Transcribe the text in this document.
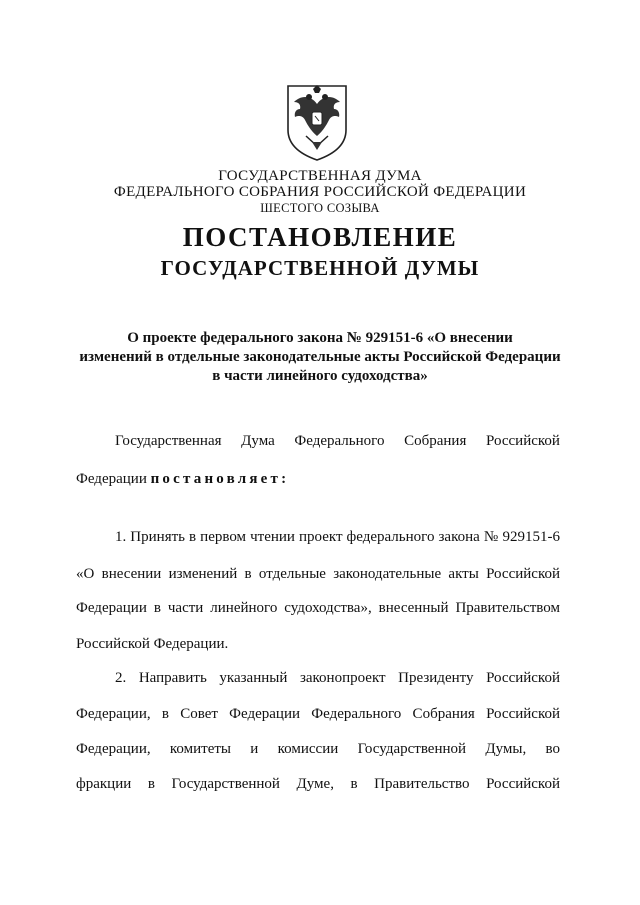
ГОСУДАРСТВЕННАЯ ДУМА

ФЕДЕРАЛЬНОГО СОБРАНИЯ РОССИЙСКОЙ ФЕДЕРАЦИИ

ШЕСТОГО СОЗЫВА

ПОСТАНОВЛЕНИЕ
ГОСУДАРСТВЕННОЙ ДУМЫ
О проекте федерального закона № 929151-6 «О внесении
изменений в отдельные законодательные акты Российской Федерации
в части линейного судоходства»
Государственная Дума Федерального Собрания Российской
Федерации постановляет:
1. Принять в первом чтении проект федерального закона № 929151-6
«О внесении изменений в отдельные законодательные акты Российской
Федерации в части линейного судоходства», внесенный Правительством
Российской Федерации.
2. Направить указанный законопроект Президенту Российской
Федерации, в Совет Федерации Федерального Собрания Российской
Федерации, комитеты и комиссии Государственной Думы, во
фракции в Государственной Думе, в Правительство Российской
